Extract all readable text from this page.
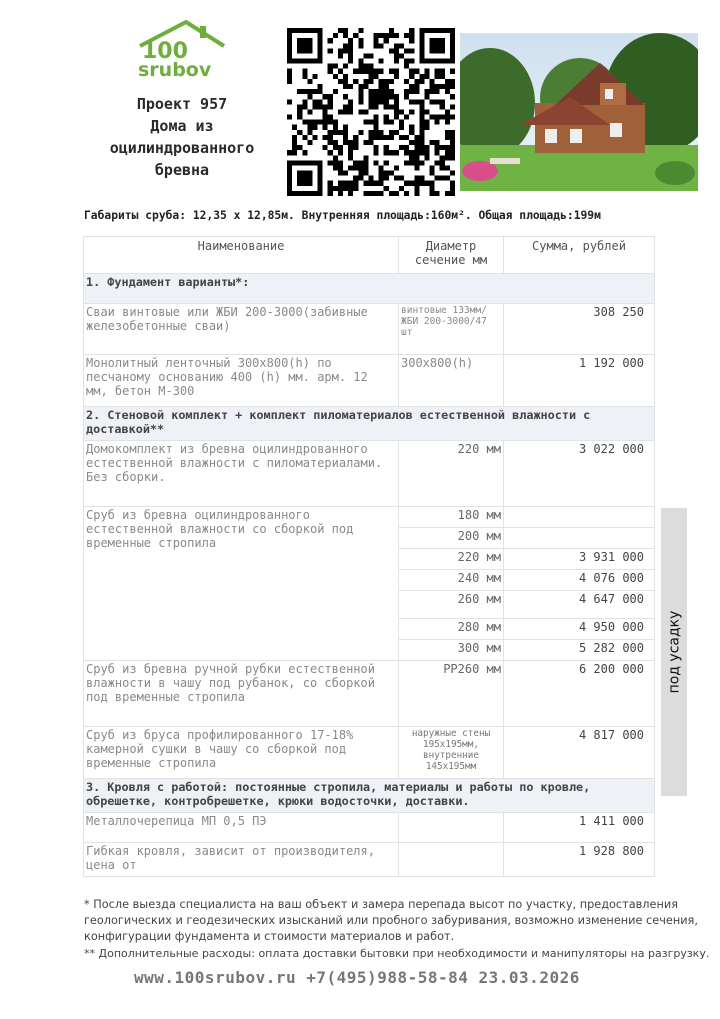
100
srubov
Проект 957
Дома из
оцилиндрованного
бревна
Габариты сруба: 12,35 х 12,85м. Внутренняя площадь:160м². Общая площадь:199м
Наименование	Диаметр сечение мм	Сумма, рублей
1. Фундамент варианты*:		
Сваи винтовые или ЖБИ 200-3000(забивные железобетонные сваи)	винтовые 133мм/ЖБИ 200-3000/47 шт	308 250
Монолитный ленточный 300х800(h) по песчаному основанию 400 (h) мм. арм. 12 мм, бетон М-300	300х800(h)	1 192 000
2. Стеновой комплект + комплект пиломатериалов естественной влажности с доставкой**		
Домокомплект из бревна оцилиндрованного естественной влажности с пиломатериалами. Без сборки.	220 мм	3 022 000
Сруб из бревна оцилиндрованного естественной влажности со сборкой под временные стропила	180 мм	
	200 мм	
	220 мм	3 931 000
	240 мм	4 076 000
	260 мм	4 647 000
	280 мм	4 950 000
	300 мм	5 282 000
Сруб из бревна ручной рубки естественной влажности в чашу под рубанок, со сборкой под временные стропила	РР260 мм	6 200 000
Сруб из бруса профилированного 17-18% камерной сушки в чашу со сборкой под временные стропила	наружные стены 195х195мм, внутренние 145х195мм	4 817 000
3. Кровля с работой: постоянные стропила, материалы и работы по кровле, обрешетке, контробрешетке, крюки водосточки, доставки.		
Металлочерепица МП 0,5 ПЭ		1 411 000
Гибкая кровля, зависит от производителя, цена от		1 928 800
под усадку
* После выезда специалиста на ваш объект и замера перепада высот по участку, предоставления геологических и геодезических изысканий или пробного забуривания, возможно изменение сечения, конфигурации фундамента и стоимости материалов и работ.
** Дополнительные расходы: оплата доставки бытовки при необходимости и манипуляторы на разгрузку.
www.100srubov.ru +7(495)988-58-84 23.03.2026
